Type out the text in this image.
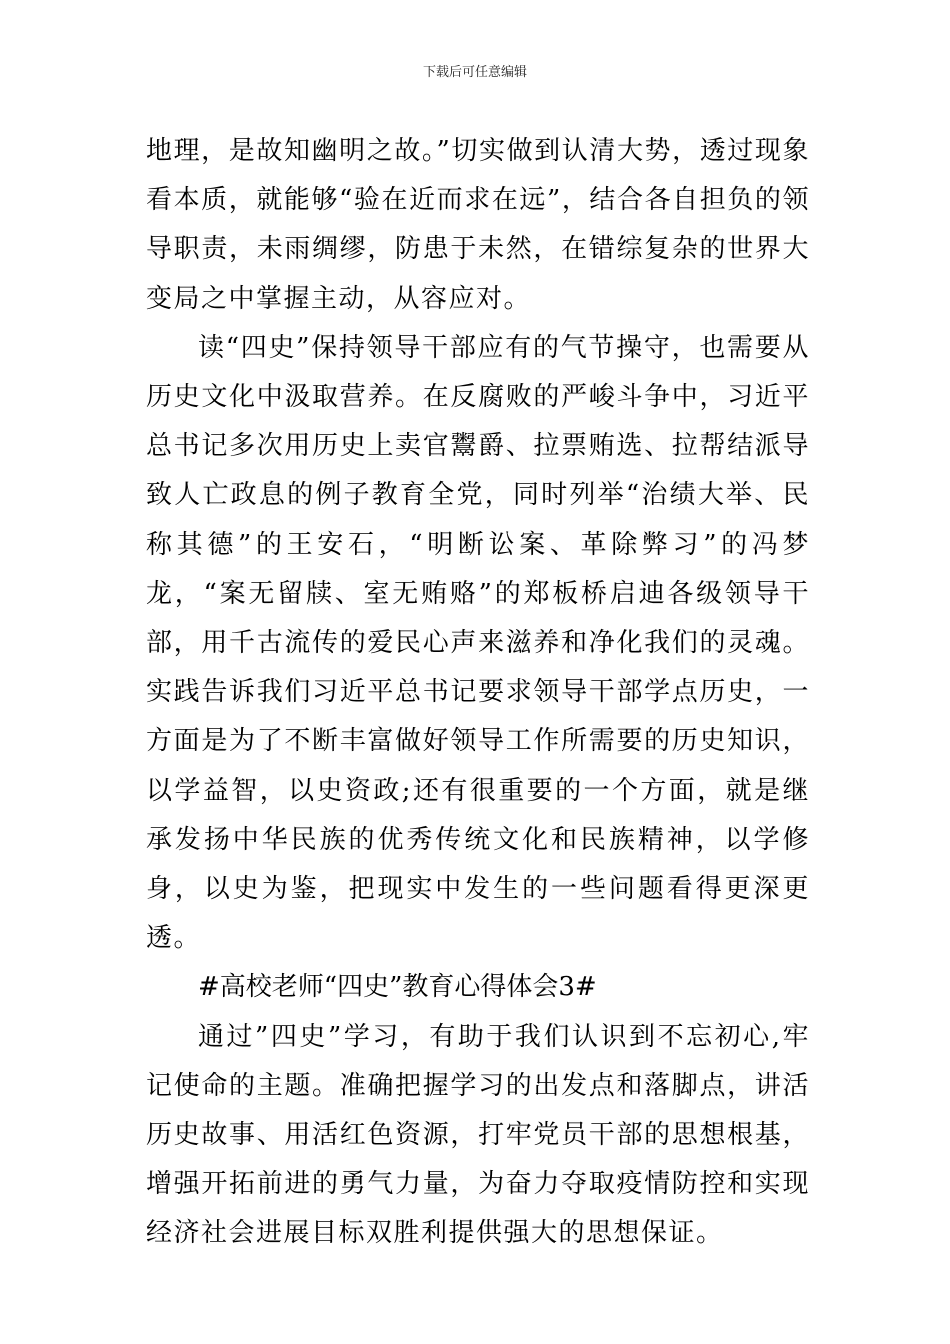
下载后可任意编辑

地理，是故知幽明之故。”切实做到认清大势，透过现象看本质，就能够“验在近而求在远”，结合各自担负的领导职责，未雨绸缪，防患于未然，在错综复杂的世界大变局之中掌握主动，从容应对。

读“四史”保持领导干部应有的气节操守，也需要从历史文化中汲取营养。在反腐败的严峻斗争中，习近平总书记多次用历史上卖官鬻爵、拉票贿选、拉帮结派导致人亡政息的例子教育全党，同时列举“治绩大举、民称其德”的王安石，“明断讼案、革除弊习”的冯梦龙，“案无留牍、室无贿赂”的郑板桥启迪各级领导干部，用千古流传的爱民心声来滋养和净化我们的灵魂。实践告诉我们习近平总书记要求领导干部学点历史，一方面是为了不断丰富做好领导工作所需要的历史知识，以学益智，以史资政;还有很重要的一个方面，就是继承发扬中华民族的优秀传统文化和民族精神，以学修身，以史为鉴，把现实中发生的一些问题看得更深更透。

#高校老师“四史”教育心得体会3#

通过”四史”学习，有助于我们认识到不忘初心,牢记使命的主题。准确把握学习的出发点和落脚点，讲活历史故事、用活红色资源，打牢党员干部的思想根基，增强开拓前进的勇气力量，为奋力夺取疫情防控和实现经济社会进展目标双胜利提供强大的思想保证。
